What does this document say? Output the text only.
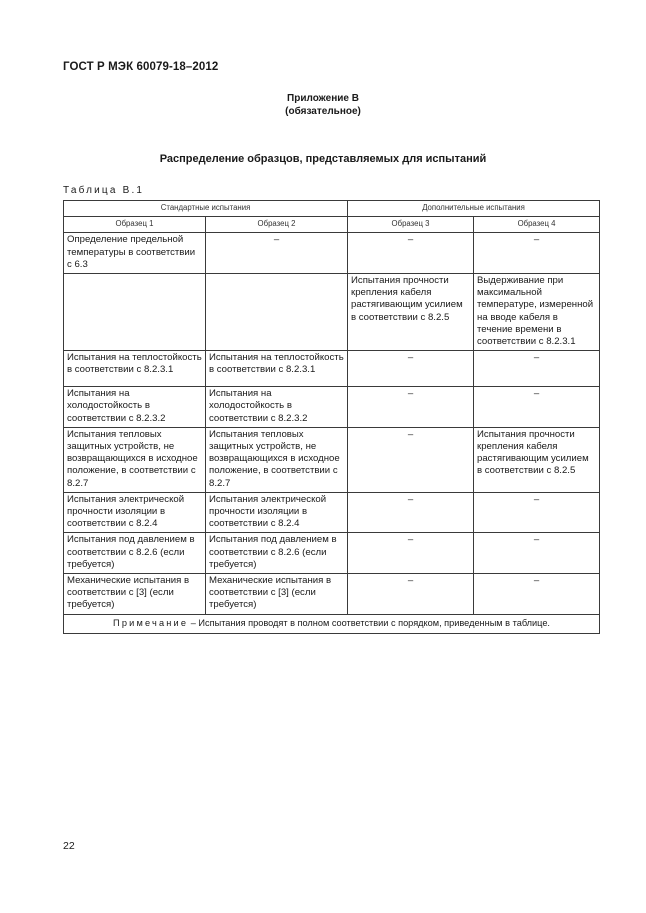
ГОСТ Р МЭК 60079-18–2012
Приложение В
(обязательное)
Распределение образцов, представляемых для испытаний
Таблица В.1
Стандартные испытания		Дополнительные испытания	
Образец 1	Образец 2	Образец 3	Образец 4
Определение предельной температуры в соответствии с 6.3	–	–	–
		Испытания прочности крепления кабеля растягивающим усилием в соответствии с 8.2.5	Выдерживание при максимальной температуре, измеренной на вводе кабеля в течение времени в соответствии с 8.2.3.1
Испытания на теплостойкость в соответствии с 8.2.3.1	Испытания на теплостойкость в соответствии с 8.2.3.1	–	–
Испытания на холодостойкость в соответствии с 8.2.3.2	Испытания на холодостойкость в соответствии с 8.2.3.2	–	–
Испытания тепловых защитных устройств, не возвращающихся в исходное положение, в соответствии с 8.2.7	Испытания тепловых защитных устройств, не возвращающихся в исходное положение, в соответствии с 8.2.7	–	Испытания прочности крепления кабеля растягивающим усилием в соответствии с 8.2.5
Испытания электрической прочности изоляции в соответствии с 8.2.4	Испытания электрической прочности изоляции в соответствии с 8.2.4	–	–
Испытания под давлением в соответствии с 8.2.6 (если требуется)	Испытания под давлением в соответствии с 8.2.6 (если требуется)	–	–
Механические испытания в соответствии с [3] (если требуется)	Механические испытания в соответствии с [3] (если требуется)	–	–
Примечание – Испытания проводят в полном соответствии с порядком, приведенным в таблице.			
22
